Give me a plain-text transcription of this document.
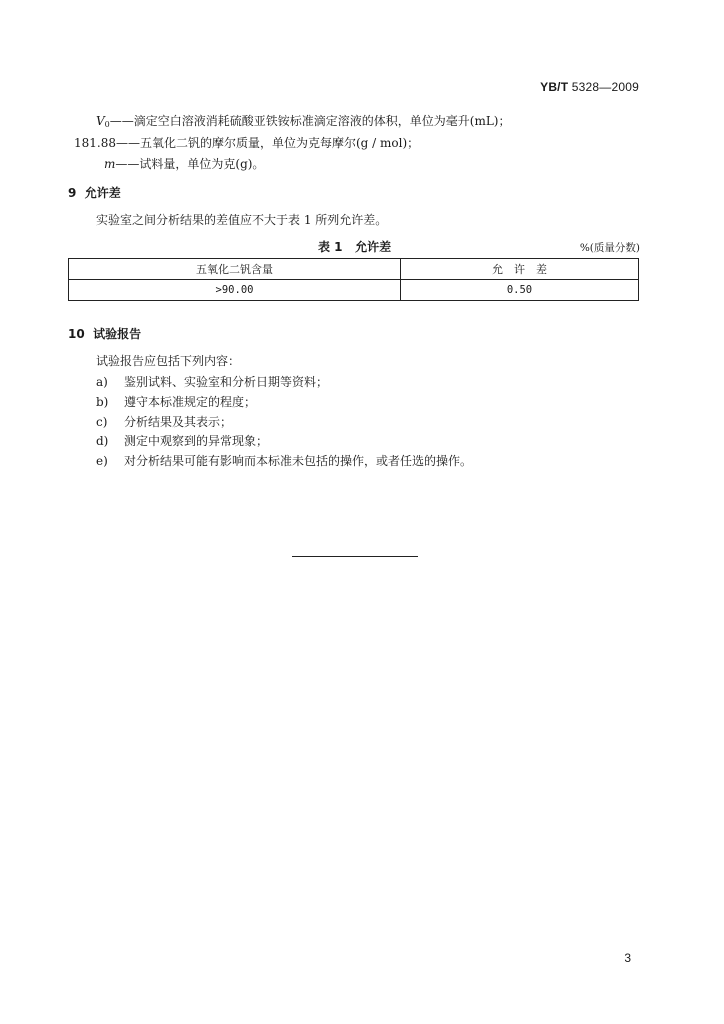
YB/T 5328—2009
V0——滴定空白溶液消耗硫酸亚铁铵标准滴定溶液的体积，单位为毫升(mL)；
181.88——五氧化二钒的摩尔质量，单位为克每摩尔(g / mol)；
m——试料量，单位为克(g)。
9 允许差
实验室之间分析结果的差值应不大于表 1 所列允许差。
表 1 允许差	%(质量分数)
五氧化二钒含量	允　许　差
>90.00	0.50
10 试验报告
试验报告应包括下列内容：
a) 鉴别试料、实验室和分析日期等资料；
b) 遵守本标准规定的程度；
c) 分析结果及其表示；
d) 测定中观察到的异常现象；
e) 对分析结果可能有影响而本标准未包括的操作，或者任选的操作。
3
